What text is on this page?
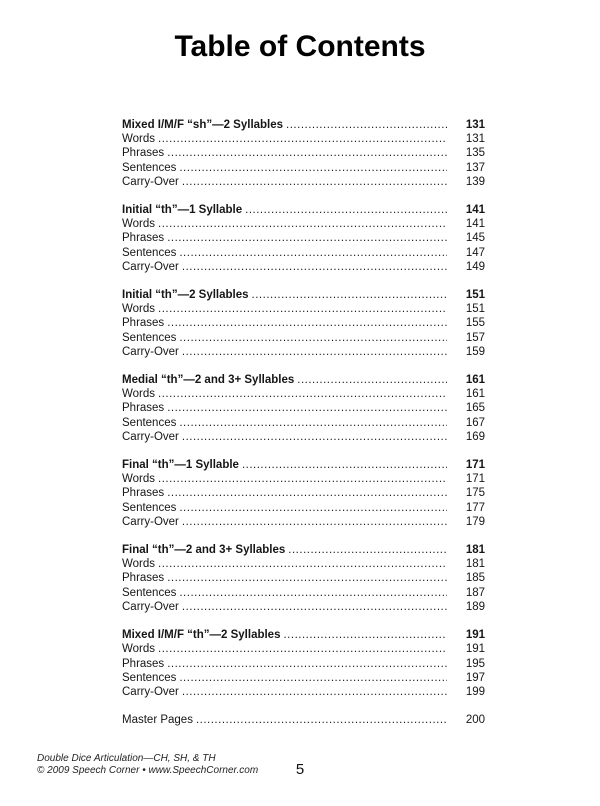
Table of Contents
Mixed I/M/F “sh”—2 Syllables .....	131
Words .....	131
Phrases .....	135
Sentences .....	137
Carry-Over .....	139
Initial “th”—1 Syllable .....	141
Words .....	141
Phrases .....	145
Sentences .....	147
Carry-Over .....	149
Initial “th”—2 Syllables .....	151
Words .....	151
Phrases .....	155
Sentences .....	157
Carry-Over .....	159
Medial “th”—2 and 3+ Syllables .....	161
Words .....	161
Phrases .....	165
Sentences .....	167
Carry-Over .....	169
Final “th”—1 Syllable .....	171
Words .....	171
Phrases .....	175
Sentences .....	177
Carry-Over .....	179
Final “th”—2 and 3+ Syllables .....	181
Words .....	181
Phrases .....	185
Sentences .....	187
Carry-Over .....	189
Mixed I/M/F “th”—2 Syllables .....	191
Words .....	191
Phrases .....	195
Sentences .....	197
Carry-Over .....	199
Master Pages .....	200
Double Dice Articulation—CH, SH, & TH
© 2009 Speech Corner • www.SpeechCorner.com	5
